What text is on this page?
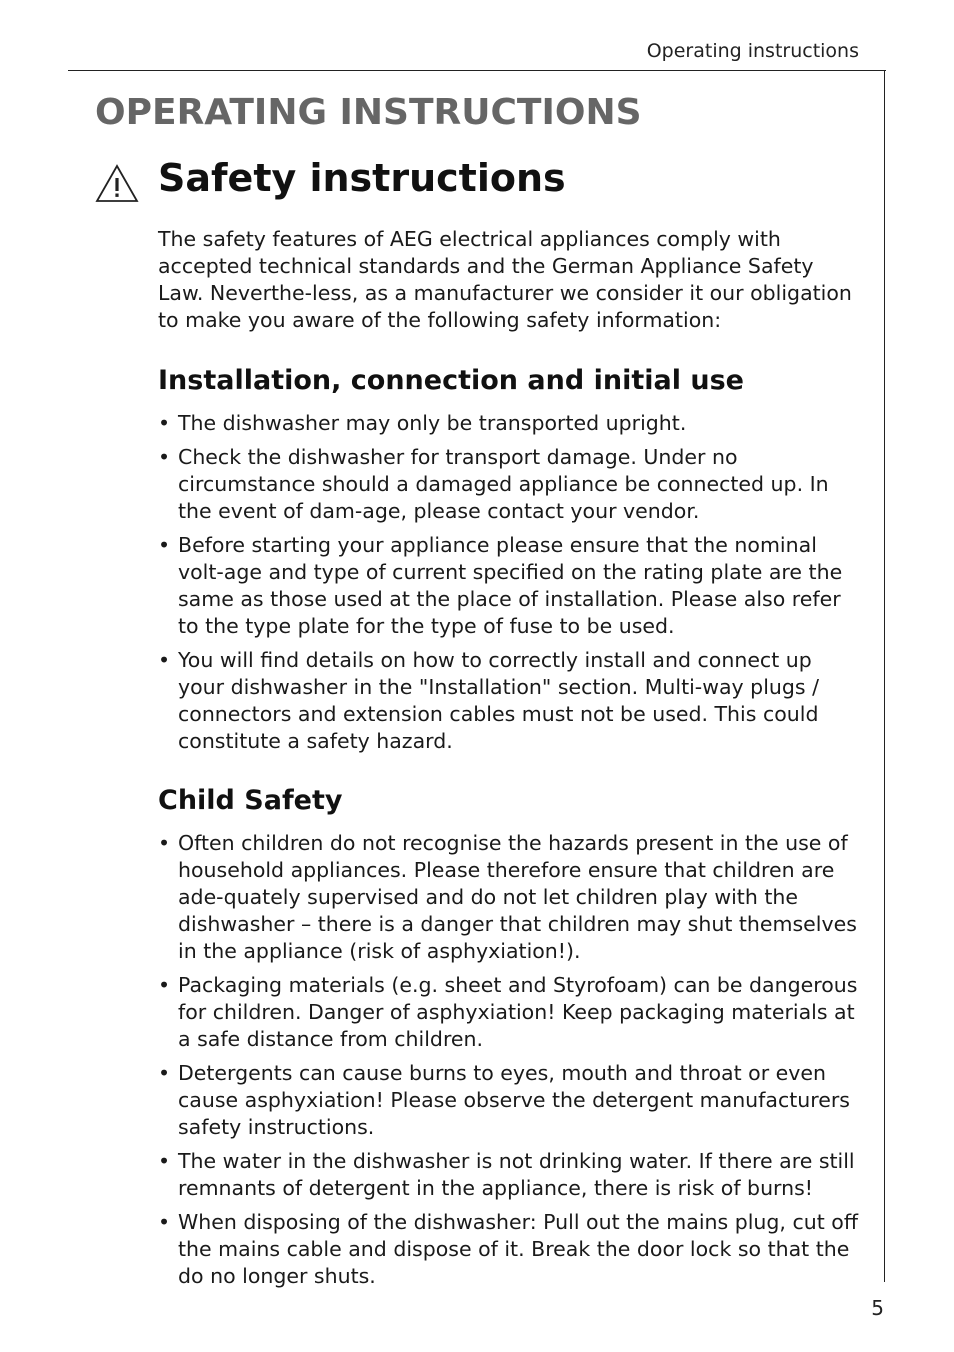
Operating instructions
OPERATING INSTRUCTIONS
Safety instructions

The safety features of AEG electrical appliances comply with accepted technical standards and the German Appliance Safety Law. Neverthe-less, as a manufacturer we consider it our obligation to make you aware of the following safety information:

Installation, connection and initial use
• The dishwasher may only be transported upright.
• Check the dishwasher for transport damage. Under no circumstance should a damaged appliance be connected up. In the event of dam-age, please contact your vendor.
• Before starting your appliance please ensure that the nominal volt-age and type of current specified on the rating plate are the same as those used at the place of installation. Please also refer to the type plate for the type of fuse to be used.
• You will find details on how to correctly install and connect up your dishwasher in the "Installation" section. Multi-way plugs / connectors and extension cables must not be used. This could constitute a safety hazard.
Child Safety
• Often children do not recognise the hazards present in the use of household appliances. Please therefore ensure that children are ade-quately supervised and do not let children play with the dishwasher – there is a danger that children may shut themselves in the appliance (risk of asphyxiation!).
• Packaging materials (e.g. sheet and Styrofoam) can be dangerous for children. Danger of asphyxiation! Keep packaging materials at a safe distance from children.
• Detergents can cause burns to eyes, mouth and throat or even cause asphyxiation! Please observe the detergent manufacturers safety instructions.
• The water in the dishwasher is not drinking water. If there are still remnants of detergent in the appliance, there is risk of burns!
• When disposing of the dishwasher: Pull out the mains plug, cut off the mains cable and dispose of it. Break the door lock so that the do no longer shuts.
5
